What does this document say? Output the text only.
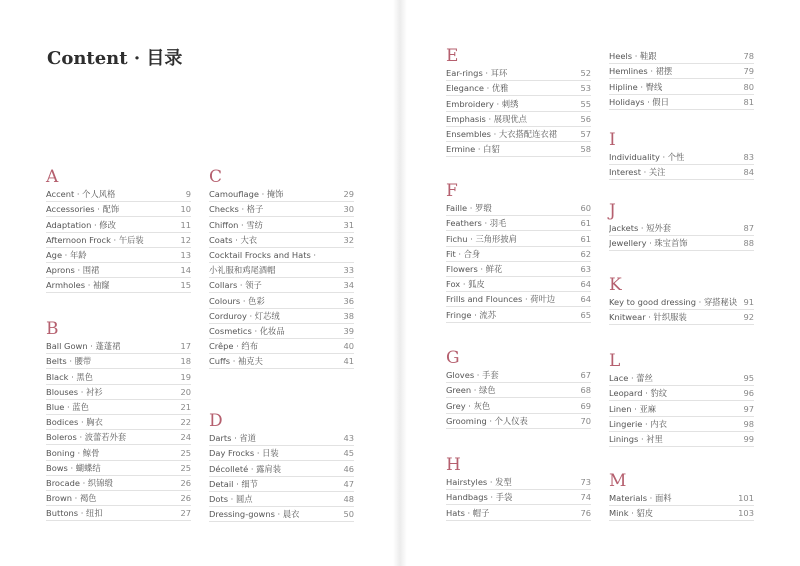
Content · 目录
A
Accent · 个人风格	9
Accessories · 配饰	10
Adaptation · 修改	11
Afternoon Frock · 午后装	12
Age · 年龄	13
Aprons · 围裙	14
Armholes · 袖窿	15
B
Ball Gown · 蓬蓬裙	17
Belts · 腰带	18
Black · 黑色	19
Blouses · 衬衫	20
Blue · 蓝色	21
Bodices · 胸衣	22
Boleros · 波蕾若外套	24
Boning · 鲸骨	25
Bows · 蝴蝶结	25
Brocade · 织锦缎	26
Brown · 褐色	26
Buttons · 纽扣	27
C
Camouflage · 掩饰	29
Checks · 格子	30
Chiffon · 雪纺	31
Coats · 大衣	32
Cocktail Frocks and Hats ·
小礼服和鸡尾酒帽	33
Collars · 领子	34
Colours · 色彩	36
Corduroy · 灯芯绒	38
Cosmetics · 化妆品	39
Crêpe · 绉布	40
Cuffs · 袖克夫	41
D
Darts · 省道	43
Day Frocks · 日装	45
Décolleté · 露肩装	46
Detail · 细节	47
Dots · 圆点	48
Dressing-gowns · 晨衣	50
E
Ear-rings · 耳环	52
Elegance · 优雅	53
Embroidery · 刺绣	55
Emphasis · 展现优点	56
Ensembles · 大衣搭配连衣裙	57
Ermine · 白貂	58
F
Faille · 罗缎	60
Feathers · 羽毛	61
Fichu · 三角形披肩	61
Fit · 合身	62
Flowers · 鲜花	63
Fox · 狐皮	64
Frills and Flounces · 荷叶边	64
Fringe · 流苏	65
G
Gloves · 手套	67
Green · 绿色	68
Grey · 灰色	69
Grooming · 个人仪表	70
H
Hairstyles · 发型	73
Handbags · 手袋	74
Hats · 帽子	76
Heels · 鞋跟	78
Hemlines · 裙摆	79
Hipline · 臀线	80
Holidays · 假日	81
I
Individuality · 个性	83
Interest · 关注	84
J
Jackets · 短外套	87
Jewellery · 珠宝首饰	88
K
Key to good dressing · 穿搭秘诀 91
Knitwear · 针织服装	92
L
Lace · 蕾丝	95
Leopard · 豹纹	96
Linen · 亚麻	97
Lingerie · 内衣	98
Linings · 衬里	99
M
Materials · 面料	101
Mink · 貂皮	103
